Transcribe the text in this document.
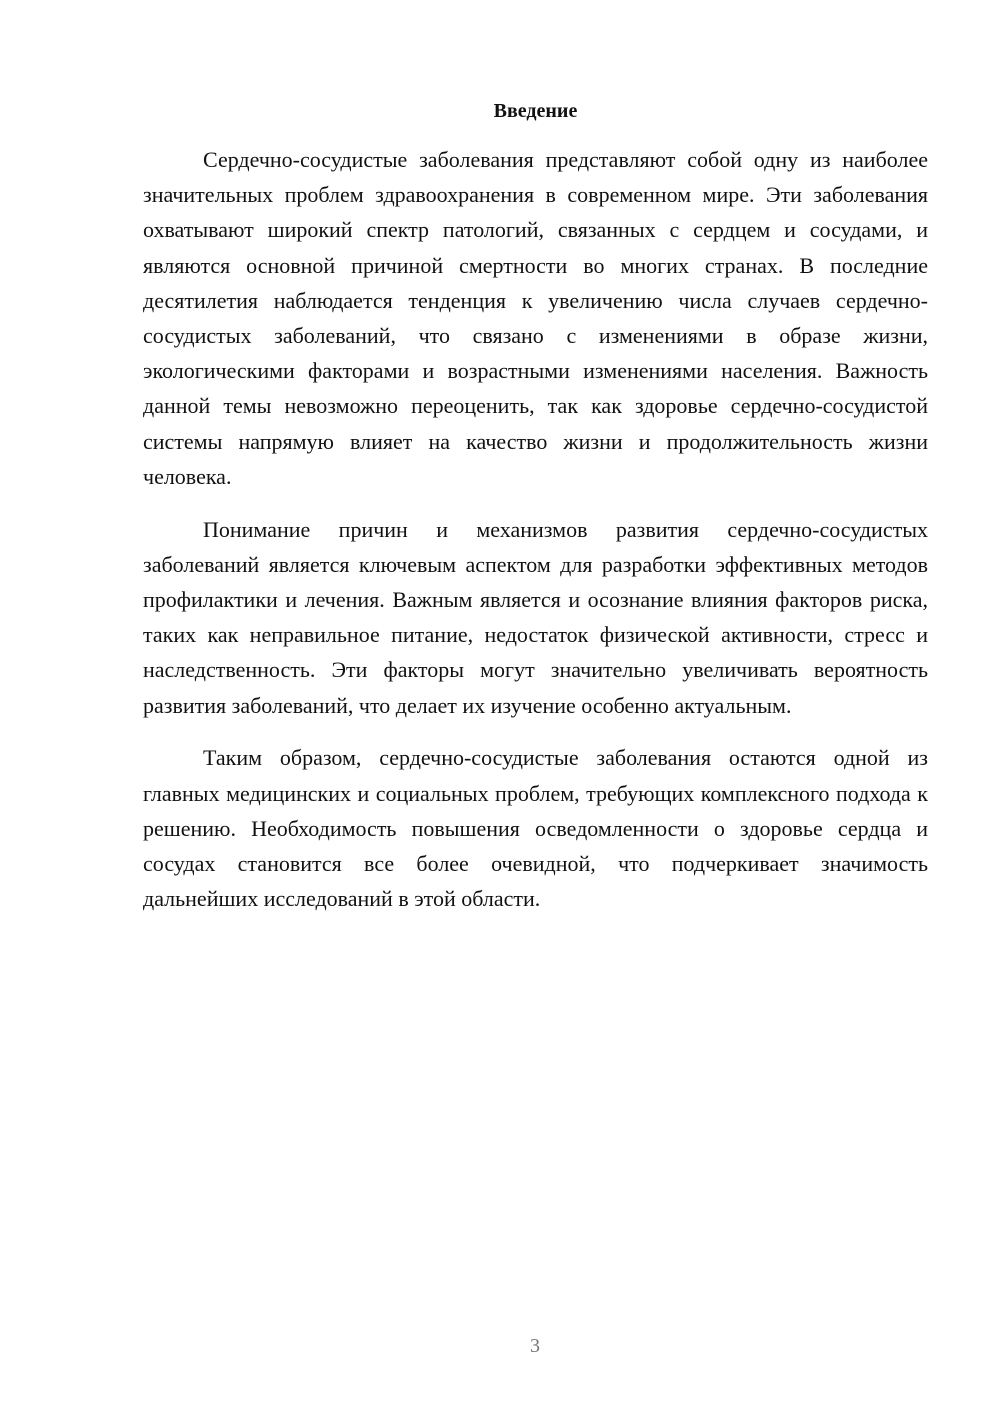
Введение

Сердечно-сосудистые заболевания представляют собой одну из наиболее значительных проблем здравоохранения в современном мире. Эти заболевания охватывают широкий спектр патологий, связанных с сердцем и сосудами, и являются основной причиной смертности во многих странах. В последние десятилетия наблюдается тенденция к увеличению числа случаев сердечно-сосудистых заболеваний, что связано с изменениями в образе жизни, экологическими факторами и возрастными изменениями населения. Важность данной темы невозможно переоценить, так как здоровье сердечно-сосудистой системы напрямую влияет на качество жизни и продолжительность жизни человека.

Понимание причин и механизмов развития сердечно-сосудистых заболеваний является ключевым аспектом для разработки эффективных методов профилактики и лечения. Важным является и осознание влияния факторов риска, таких как неправильное питание, недостаток физической активности, стресс и наследственность. Эти факторы могут значительно увеличивать вероятность развития заболеваний, что делает их изучение особенно актуальным.

Таким образом, сердечно-сосудистые заболевания остаются одной из главных медицинских и социальных проблем, требующих комплексного подхода к решению. Необходимость повышения осведомленности о здоровье сердца и сосудах становится все более очевидной, что подчеркивает значимость дальнейших исследований в этой области.

3
